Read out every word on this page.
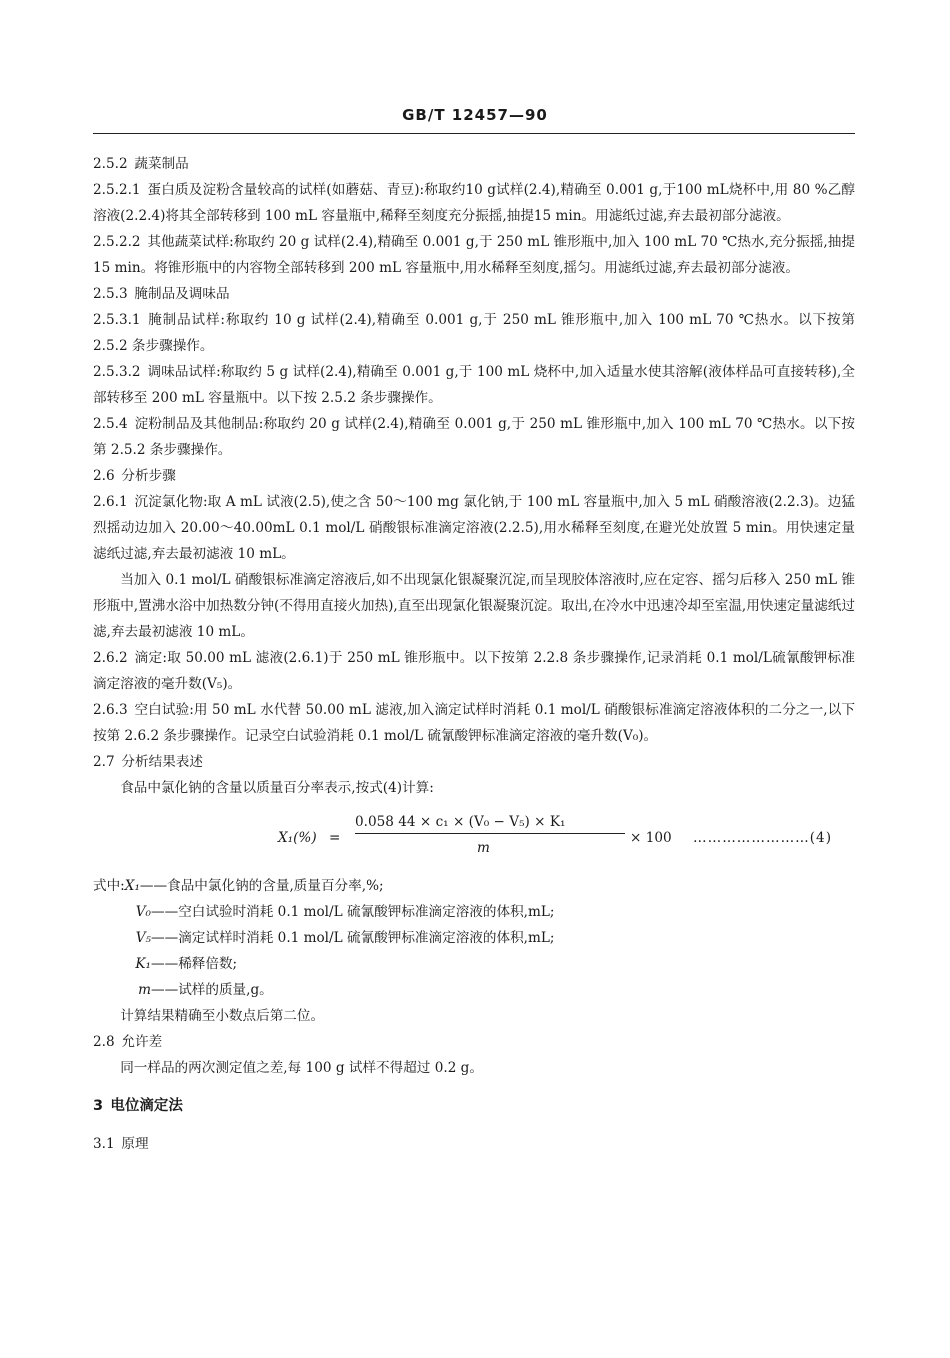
GB/T 12457—90

2.5.2 蔬菜制品

2.5.2.1 蛋白质及淀粉含量较高的试样(如蘑菇、青豆):称取约10 g试样(2.4),精确至 0.001 g,于100 mL烧杯中,用 80 %乙醇溶液(2.2.4)将其全部转移到 100 mL 容量瓶中,稀释至刻度充分振摇,抽提15 min。用滤纸过滤,弃去最初部分滤液。

2.5.2.2 其他蔬菜试样:称取约 20 g 试样(2.4),精确至 0.001 g,于 250 mL 锥形瓶中,加入 100 mL 70 ℃热水,充分振摇,抽提 15 min。将锥形瓶中的内容物全部转移到 200 mL 容量瓶中,用水稀释至刻度,摇匀。用滤纸过滤,弃去最初部分滤液。

2.5.3 腌制品及调味品

2.5.3.1 腌制品试样:称取约 10 g 试样(2.4),精确至 0.001 g,于 250 mL 锥形瓶中,加入 100 mL 70 ℃热水。以下按第 2.5.2 条步骤操作。

2.5.3.2 调味品试样:称取约 5 g 试样(2.4),精确至 0.001 g,于 100 mL 烧杯中,加入适量水使其溶解(液体样品可直接转移),全部转移至 200 mL 容量瓶中。以下按 2.5.2 条步骤操作。

2.5.4 淀粉制品及其他制品:称取约 20 g 试样(2.4),精确至 0.001 g,于 250 mL 锥形瓶中,加入 100 mL 70 ℃热水。以下按第 2.5.2 条步骤操作。

2.6 分析步骤

2.6.1 沉淀氯化物:取 A mL 试液(2.5),使之含 50～100 mg 氯化钠,于 100 mL 容量瓶中,加入 5 mL 硝酸溶液(2.2.3)。边猛烈摇动边加入 20.00～40.00mL 0.1 mol/L 硝酸银标准滴定溶液(2.2.5),用水稀释至刻度,在避光处放置 5 min。用快速定量滤纸过滤,弃去最初滤液 10 mL。

当加入 0.1 mol/L 硝酸银标准滴定溶液后,如不出现氯化银凝聚沉淀,而呈现胶体溶液时,应在定容、摇匀后移入 250 mL 锥形瓶中,置沸水浴中加热数分钟(不得用直接火加热),直至出现氯化银凝聚沉淀。取出,在冷水中迅速冷却至室温,用快速定量滤纸过滤,弃去最初滤液 10 mL。

2.6.2 滴定:取 50.00 mL 滤液(2.6.1)于 250 mL 锥形瓶中。以下按第 2.2.8 条步骤操作,记录消耗 0.1 mol/L硫氰酸钾标准滴定溶液的毫升数(V₅)。

2.6.3 空白试验:用 50 mL 水代替 50.00 mL 滤液,加入滴定试样时消耗 0.1 mol/L 硝酸银标准滴定溶液体积的二分之一,以下按第 2.6.2 条步骤操作。记录空白试验消耗 0.1 mol/L 硫氰酸钾标准滴定溶液的毫升数(V₀)。

2.7 分析结果表述

食品中氯化钠的含量以质量百分率表示,按式(4)计算:

X₁(%) =
0.058 44 × c₁ × (V₀ − V₅) × K₁
m
× 100 ……………………(4)
式中: X₁ ——食品中氯化钠的含量,质量百分率,%;
V₀ ——空白试验时消耗 0.1 mol/L 硫氰酸钾标准滴定溶液的体积,mL;
V₅ ——滴定试样时消耗 0.1 mol/L 硫氰酸钾标准滴定溶液的体积,mL;
K₁ ——稀释倍数;
m ——试样的质量,g。

计算结果精确至小数点后第二位。

2.8 允许差

同一样品的两次测定值之差,每 100 g 试样不得超过 0.2 g。

3 电位滴定法

3.1 原理
